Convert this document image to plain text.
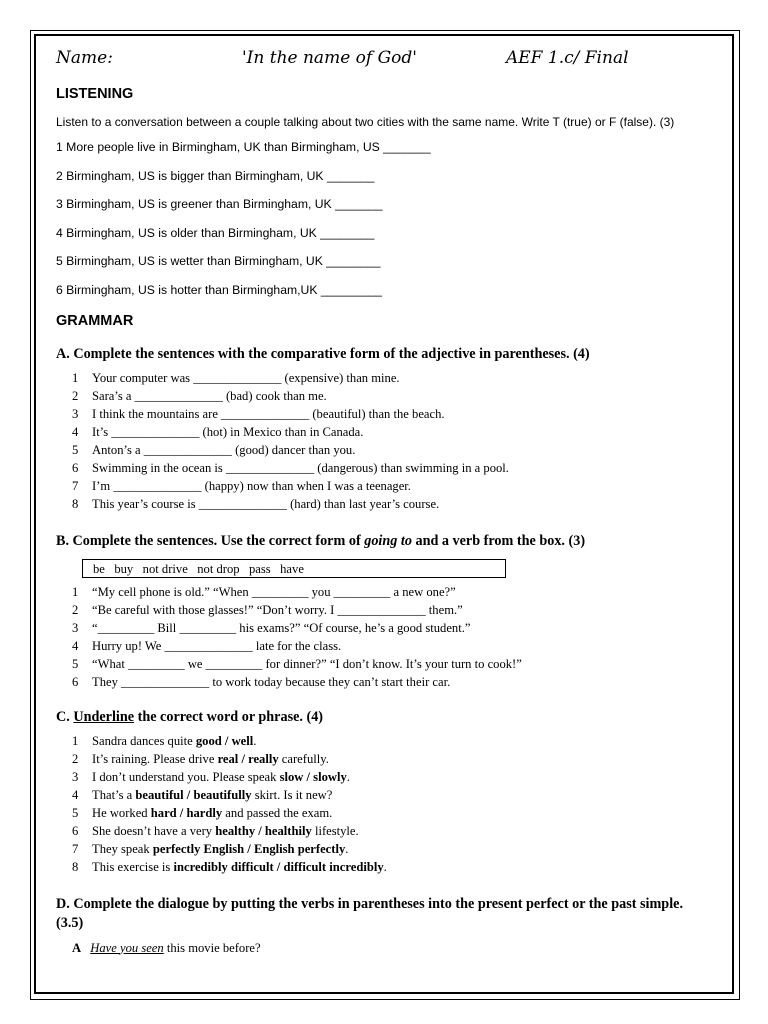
Name:	'In the name of God'	AEF 1.c/ Final
LISTENING
Listen to a conversation between a couple talking about two cities with the same name. Write T (true) or F (false). (3)
1 More people live in Birmingham, UK than Birmingham, US _______
2 Birmingham, US is bigger than Birmingham, UK _______
3 Birmingham, US is greener than Birmingham, UK _______
4 Birmingham, US is older than Birmingham, UK ________
5 Birmingham, US is wetter than Birmingham, UK ________
6 Birmingham, US is hotter than Birmingham,UK _________
GRAMMAR
A. Complete the sentences with the comparative form of the adjective in parentheses. (4)
1 Your computer was ______________ (expensive) than mine.
2 Sara’s a ______________ (bad) cook than me.
3 I think the mountains are ______________ (beautiful) than the beach.
4 It’s ______________ (hot) in Mexico than in Canada.
5 Anton’s a ______________ (good) dancer than you.
6 Swimming in the ocean is ______________ (dangerous) than swimming in a pool.
7 I’m ______________ (happy) now than when I was a teenager.
8 This year’s course is ______________ (hard) than last year’s course.
B. Complete the sentences. Use the correct form of going to and a verb from the box. (3)
be   buy   not drive   not drop   pass   have
1 “My cell phone is old.” “When _________ you _________ a new one?”
2 “Be careful with those glasses!” “Don’t worry. I ______________ them.”
3 “_________ Bill _________ his exams?” “Of course, he’s a good student.”
4 Hurry up! We ______________ late for the class.
5 “What _________ we _________ for dinner?” “I don’t know. It’s your turn to cook!”
6 They ______________ to work today because they can’t start their car.
C. Underline the correct word or phrase. (4)
1 Sandra dances quite good / well.
2 It’s raining. Please drive real / really carefully.
3 I don’t understand you. Please speak slow / slowly.
4 That’s a beautiful / beautifully skirt. Is it new?
5 He worked hard / hardly and passed the exam.
6 She doesn’t have a very healthy / healthily lifestyle.
7 They speak perfectly English / English perfectly.
8 This exercise is incredibly difficult / difficult incredibly.
D. Complete the dialogue by putting the verbs in parentheses into the present perfect or the past simple. (3.5)
A Have you seen this movie before?
